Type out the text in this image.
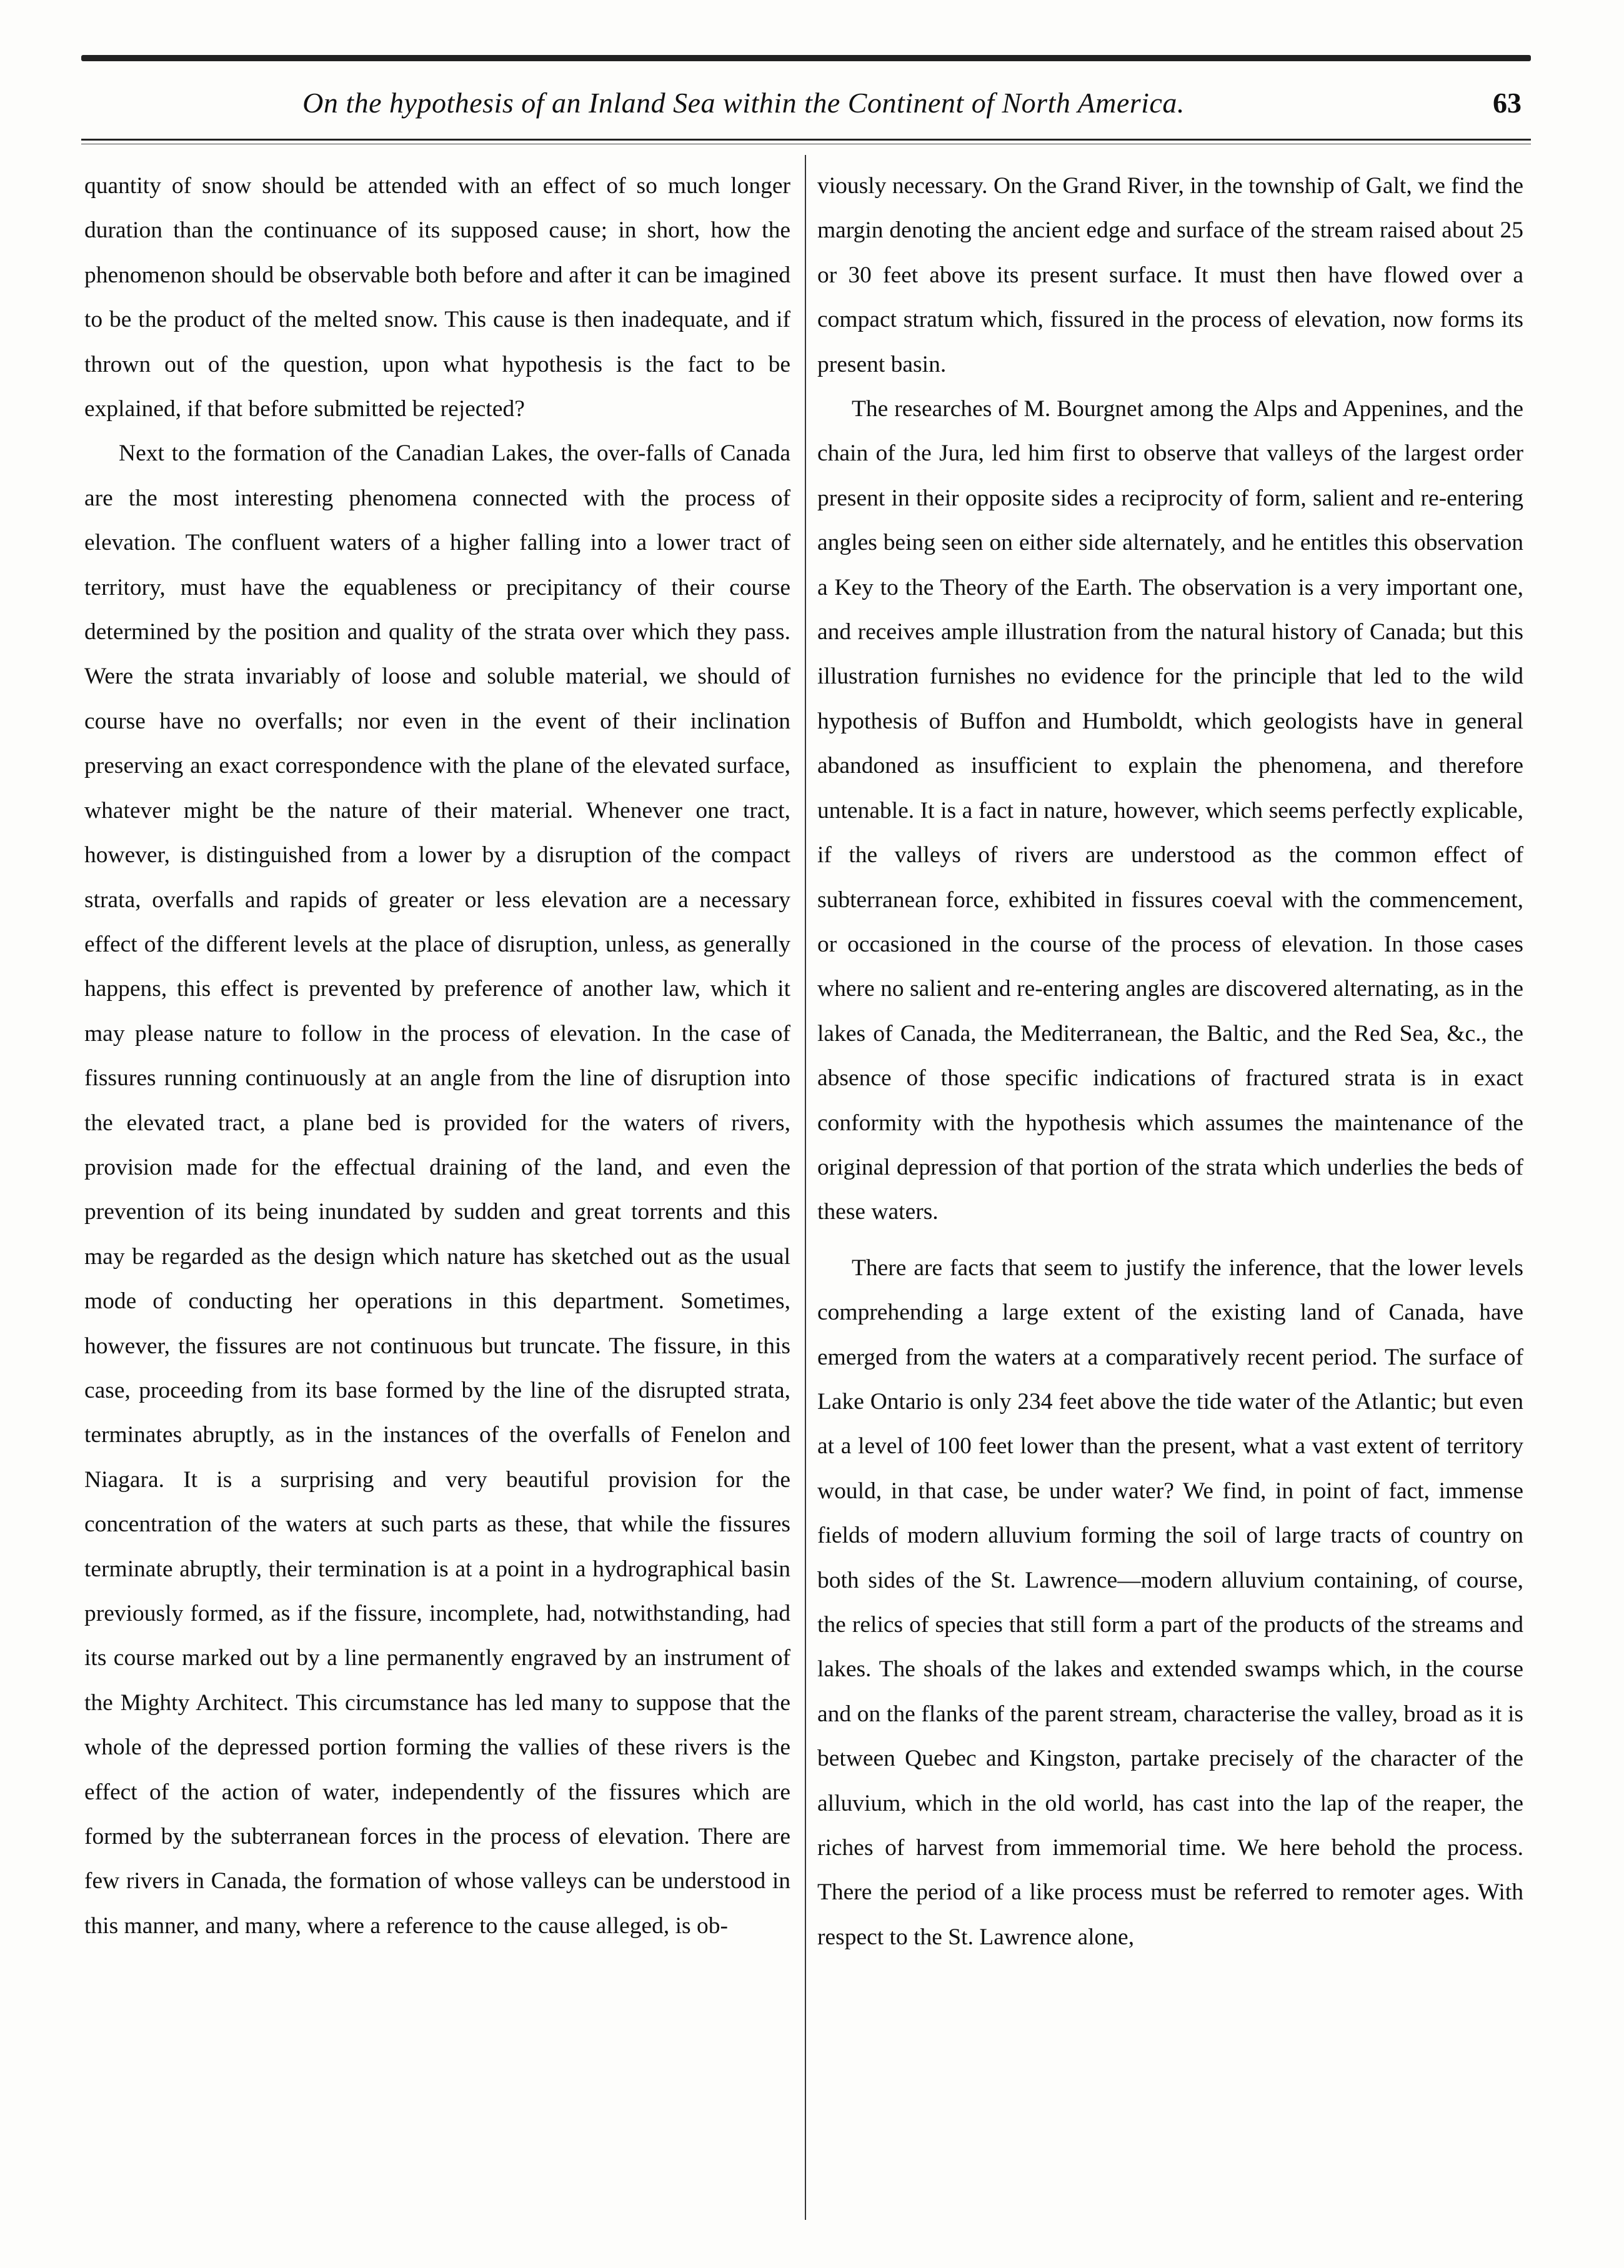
On the hypothesis of an Inland Sea within the Continent of North America.	63

quantity of snow should be attended with an effect of so much longer duration than the continuance of its supposed cause; in short, how the phenomenon should be observable both before and after it can be imagined to be the product of the melted snow. This cause is then inadequate, and if thrown out of the question, upon what hypothesis is the fact to be explained, if that before submitted be rejected?

Next to the formation of the Canadian Lakes, the over-falls of Canada are the most interesting phenomena connected with the process of elevation. The confluent waters of a higher falling into a lower tract of territory, must have the equableness or precipitancy of their course determined by the position and quality of the strata over which they pass. Were the strata invariably of loose and soluble material, we should of course have no overfalls; nor even in the event of their inclination preserving an exact correspondence with the plane of the elevated surface, whatever might be the nature of their material. Whenever one tract, however, is distinguished from a lower by a disruption of the compact strata, overfalls and rapids of greater or less elevation are a necessary effect of the different levels at the place of disruption, unless, as generally happens, this effect is prevented by preference of another law, which it may please nature to follow in the process of elevation. In the case of fissures running continuously at an angle from the line of disruption into the elevated tract, a plane bed is provided for the waters of rivers, provision made for the effectual draining of the land, and even the prevention of its being inundated by sudden and great torrents and this may be regarded as the design which nature has sketched out as the usual mode of conducting her operations in this department. Sometimes, however, the fissures are not continuous but truncate. The fissure, in this case, proceeding from its base formed by the line of the disrupted strata, terminates abruptly, as in the instances of the overfalls of Fenelon and Niagara. It is a surprising and very beautiful provision for the concentration of the waters at such parts as these, that while the fissures terminate abruptly, their termination is at a point in a hydrographical basin previously formed, as if the fissure, incomplete, had, notwithstanding, had its course marked out by a line permanently engraved by an instrument of the Mighty Architect. This circumstance has led many to suppose that the whole of the depressed portion forming the vallies of these rivers is the effect of the action of water, independently of the fissures which are formed by the subterranean forces in the process of elevation. There are few rivers in Canada, the formation of whose valleys can be understood in this manner, and many, where a reference to the cause alleged, is ob-

viously necessary. On the Grand River, in the township of Galt, we find the margin denoting the ancient edge and surface of the stream raised about 25 or 30 feet above its present surface. It must then have flowed over a compact stratum which, fissured in the process of elevation, now forms its present basin.

The researches of M. Bourgnet among the Alps and Appenines, and the chain of the Jura, led him first to observe that valleys of the largest order present in their opposite sides a reciprocity of form, salient and re-entering angles being seen on either side alternately, and he entitles this observation a Key to the Theory of the Earth. The observation is a very important one, and receives ample illustration from the natural history of Canada; but this illustration furnishes no evidence for the principle that led to the wild hypothesis of Buffon and Humboldt, which geologists have in general abandoned as insufficient to explain the phenomena, and therefore untenable. It is a fact in nature, however, which seems perfectly explicable, if the valleys of rivers are understood as the common effect of subterranean force, exhibited in fissures coeval with the commencement, or occasioned in the course of the process of elevation. In those cases where no salient and re-entering angles are discovered alternating, as in the lakes of Canada, the Mediterranean, the Baltic, and the Red Sea, &c., the absence of those specific indications of fractured strata is in exact conformity with the hypothesis which assumes the maintenance of the original depression of that portion of the strata which underlies the beds of these waters.

There are facts that seem to justify the inference, that the lower levels comprehending a large extent of the existing land of Canada, have emerged from the waters at a comparatively recent period. The surface of Lake Ontario is only 234 feet above the tide water of the Atlantic; but even at a level of 100 feet lower than the present, what a vast extent of territory would, in that case, be under water? We find, in point of fact, immense fields of modern alluvium forming the soil of large tracts of country on both sides of the St. Lawrence—modern alluvium containing, of course, the relics of species that still form a part of the products of the streams and lakes. The shoals of the lakes and extended swamps which, in the course and on the flanks of the parent stream, characterise the valley, broad as it is between Quebec and Kingston, partake precisely of the character of the alluvium, which in the old world, has cast into the lap of the reaper, the riches of harvest from immemorial time. We here behold the process. There the period of a like process must be referred to remoter ages. With respect to the St. Lawrence alone,
